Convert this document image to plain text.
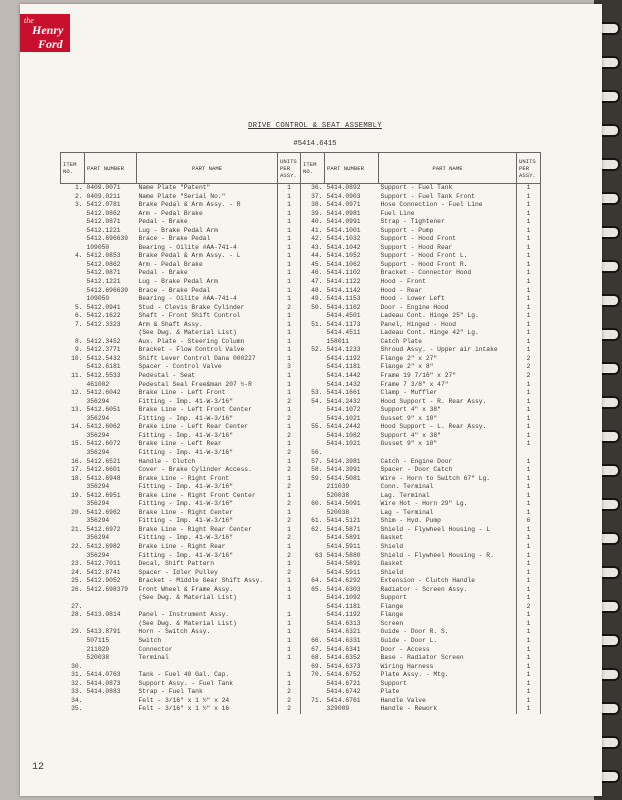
the
Henry
Ford
DRIVE CONTROL & SEAT ASSEMBLY
#5414.6415
ITEM NO.	PART NUMBER	PART NAME	UNITS PER ASSY.	ITEM NO.	PART NUMBER	PART NAME	UNITS PER ASSY.
1.	0409.0071	Name Plate "Patent"	1	36.	5414.0892	Support - Fuel Tank	1
2.	0409.0211	Name Plate "Serial No."	1	37.	5414.0903	Support - Fuel Tank Front	1
3.	5412.0781	Brake Pedal & Arm Assy. - R	1	38.	5414.0971	Hose Connection - Fuel Line	1
	5412.0862	Arm - Pedal Brake	1	39.	5414.0981	Fuel Line	1
	5412.0871	Pedal - Brake	1	40.	5414.0991	Strap - Tightener	1
	5412.1221	Lug - Brake Pedal Arm	1	41.	5414.1001	Support - Pump	1
	5412.696639	Brace - Brake Pedal	1	42.	5414.1032	Support - Hood Front	1
	109050	Bearing - Oilite #AA-741-4	1	43.	5414.1042	Support - Hood Rear	1
4.	5412.0853	Brake Pedal & Arm Assy. - L	1	44.	5414.1052	Support - Hood Front L.	1
	5412.0862	Arm - Pedal Brake	1	45.	5414.1062	Support - Hood Front R.	1
	5412.0871	Pedal - Brake	1	46.	5414.1102	Bracket - Connector Hood	1
	5412.1221	Lug - Brake Pedal Arm	1	47.	5414.1122	Hood - Front	1
	5412.696639	Brace - Brake Pedal	1	48.	5414.1142	Hood - Rear	1
	109050	Bearing - Oilite #AA-741-4	1	49.	5414.1153	Hood - Lower Left	1
5.	5412.0941	Stud - Clevis Brake Cylinder	2	50.	5414.1162	Door - Engine Hood	1
6.	5412.1622	Shaft - Front Shift Control	1		5414.4501	Ladeau Cont. Hinge 25" Lg.	1
7.	5412.3323	Arm & Shaft Assy.	1	51.	5414.1173	Panel, Hinged - Hood	1
		(See Dwg. & Material List)	1		5414.4511	Ladeau Cont. Hinge 42" Lg.	1
8.	5412.3452	Aux. Plate - Steering Column	1		158011	Catch Plate	1
9.	5412.3771	Bracket - Flow Control Valve	1	52.	5414.1233	Shroud Assy. - Upper air intake	1
10.	5412.5432	Shift Lever Control Dana 000227	1		5414.1192	Flange 2" x 27"	2
	5412.6181	Spacer - Control Valve	3		5414.1181	Flange 2" x 8"	2
11.	5412.5533	Pedestal - Seat	1		5414.1442	Frame 19 7/16" x 27"	2
	461002	Pedestal Seal Free&man 207 ½-R	1		5414.1432	Frame 7 3/8" x 47"	1
12.	5412.6042	Brake Line - Left Front	1	53.	5414.1661	Clamp - Muffler	1
	356294	Fitting - Imp. 41-W-3/16"	2	54.	5414.2432	Hood Support - R. Rear Assy.	1
13.	5412.6051	Brake Line - Left Front Center	1		5414.1072	Support 4" x 38"	1
	356294	Fitting - Imp. 41-W-3/16"	2		5414.1021	Gusset 9" x 10"	1
14.	5412.6062	Brake Line - Left Rear Center	1	55.	5414.2442	Hood Support - L. Rear Assy.	1
	356294	Fitting - Imp. 41-W-3/16"	2		5414.1082	Support 4" x 38"	1
15.	5412.6072	Brake Line - Left Rear	1		5414.1021	Gusset 9" x 10"	1
	356294	Fitting - Imp. 41-W-3/16"	2	56.			
16.	5412.6521	Handle - Clutch	1	57.	5414.3981	Catch - Engine Door	1
17.	5412.6601	Cover - Brake Cylinder Access.	2	58.	5414.3991	Spacer - Door Catch	1
18.	5412.6948	Brake Line - Right Front	1	59.	5414.5081	Wire - Horn to Switch 67" Lg.	1
	356294	Fitting - Imp. 41-W-3/16"	2		211039	Conn. Terminal	1
19.	5412.6951	Brake Line - Right Front Center	1		520038	Lag. Terminal	1
	356294	Fitting - Imp. 41-W-3/16"	2	60.	5414.5091	Wire Hot - Horn 29" Lg.	1
20.	5412.6962	Brake Line - Right Center	1		520038	Lag - Terminal	1
	356294	Fitting - Imp. 41-W-3/16"	2	61.	5414.5121	Shim - Hyd. Pump	6
21.	5412.6972	Brake Line - Right Rear Center	1	62.	5414.5871	Shield - Flywheel Housing - L	1
	356294	Fitting - Imp. 41-W-3/16"	2		5414.5891	Gasket	1
22.	5412.6982	Brake Line - Right Rear	1		5414.5911	Shield	1
	356294	Fitting - Imp. 41-W-3/16"	2	63	5414.5880	Shield - Flywheel Housing - R.	1
23.	5412.7011	Decal, Shift Pattern	1		5414.5891	Gasket	1
24.	5412.8741	Spacer - Idler Pulley	2		5414.5911	Shield	1
25.	5412.9052	Bracket - Middle Gear Shift Assy.	1	64.	5414.6292	Extension - Clutch Handle	1
26.	5412.698379	Front Wheel & Frame Assy.	1	65.	5414.6303	Radiator - Screen Assy.	1
		(See Dwg. & Material List)	1		5414.1092	Support	1
27.					5414.1181	Flange	2
28.	5413.0814	Panel - Instrument Assy.	1		5414.1192	Flange	1
		(See Dwg. & Material List)	1		5414.6313	Screen	1
29.	5413.8791	Horn - Switch Assy.	1		5414.6321	Guide - Door R. S.	1
	507115	Switch	1	66.	5414.6331	Guide - Door L.	1
	211029	Connector	1	67.	5414.6341	Door - Access	1
	520038	Terminal	1	68.	5414.6352	Base - Radiator Screen	1
30.				69.	5414.6373	Wiring Harness	1
31.	5414.0763	Tank - Fuel 40 Gal. Cap.	1	70.	5414.6752	Plate Assy. - Mtg.	1
32.	5414.0873	Support Assy. - Fuel Tank	1		5414.6721	Support	1
33.	5414.0883	Strap - Fuel Tank	2		5414.6742	Plate	1
34.		Felt - 3/16" x 1 ½" x 24	2	71.	5414.6761	Handle Valve	1
35.		Felt - 3/16" x 1 ½" x 16	2		329009	Handle - Rework	1
12
